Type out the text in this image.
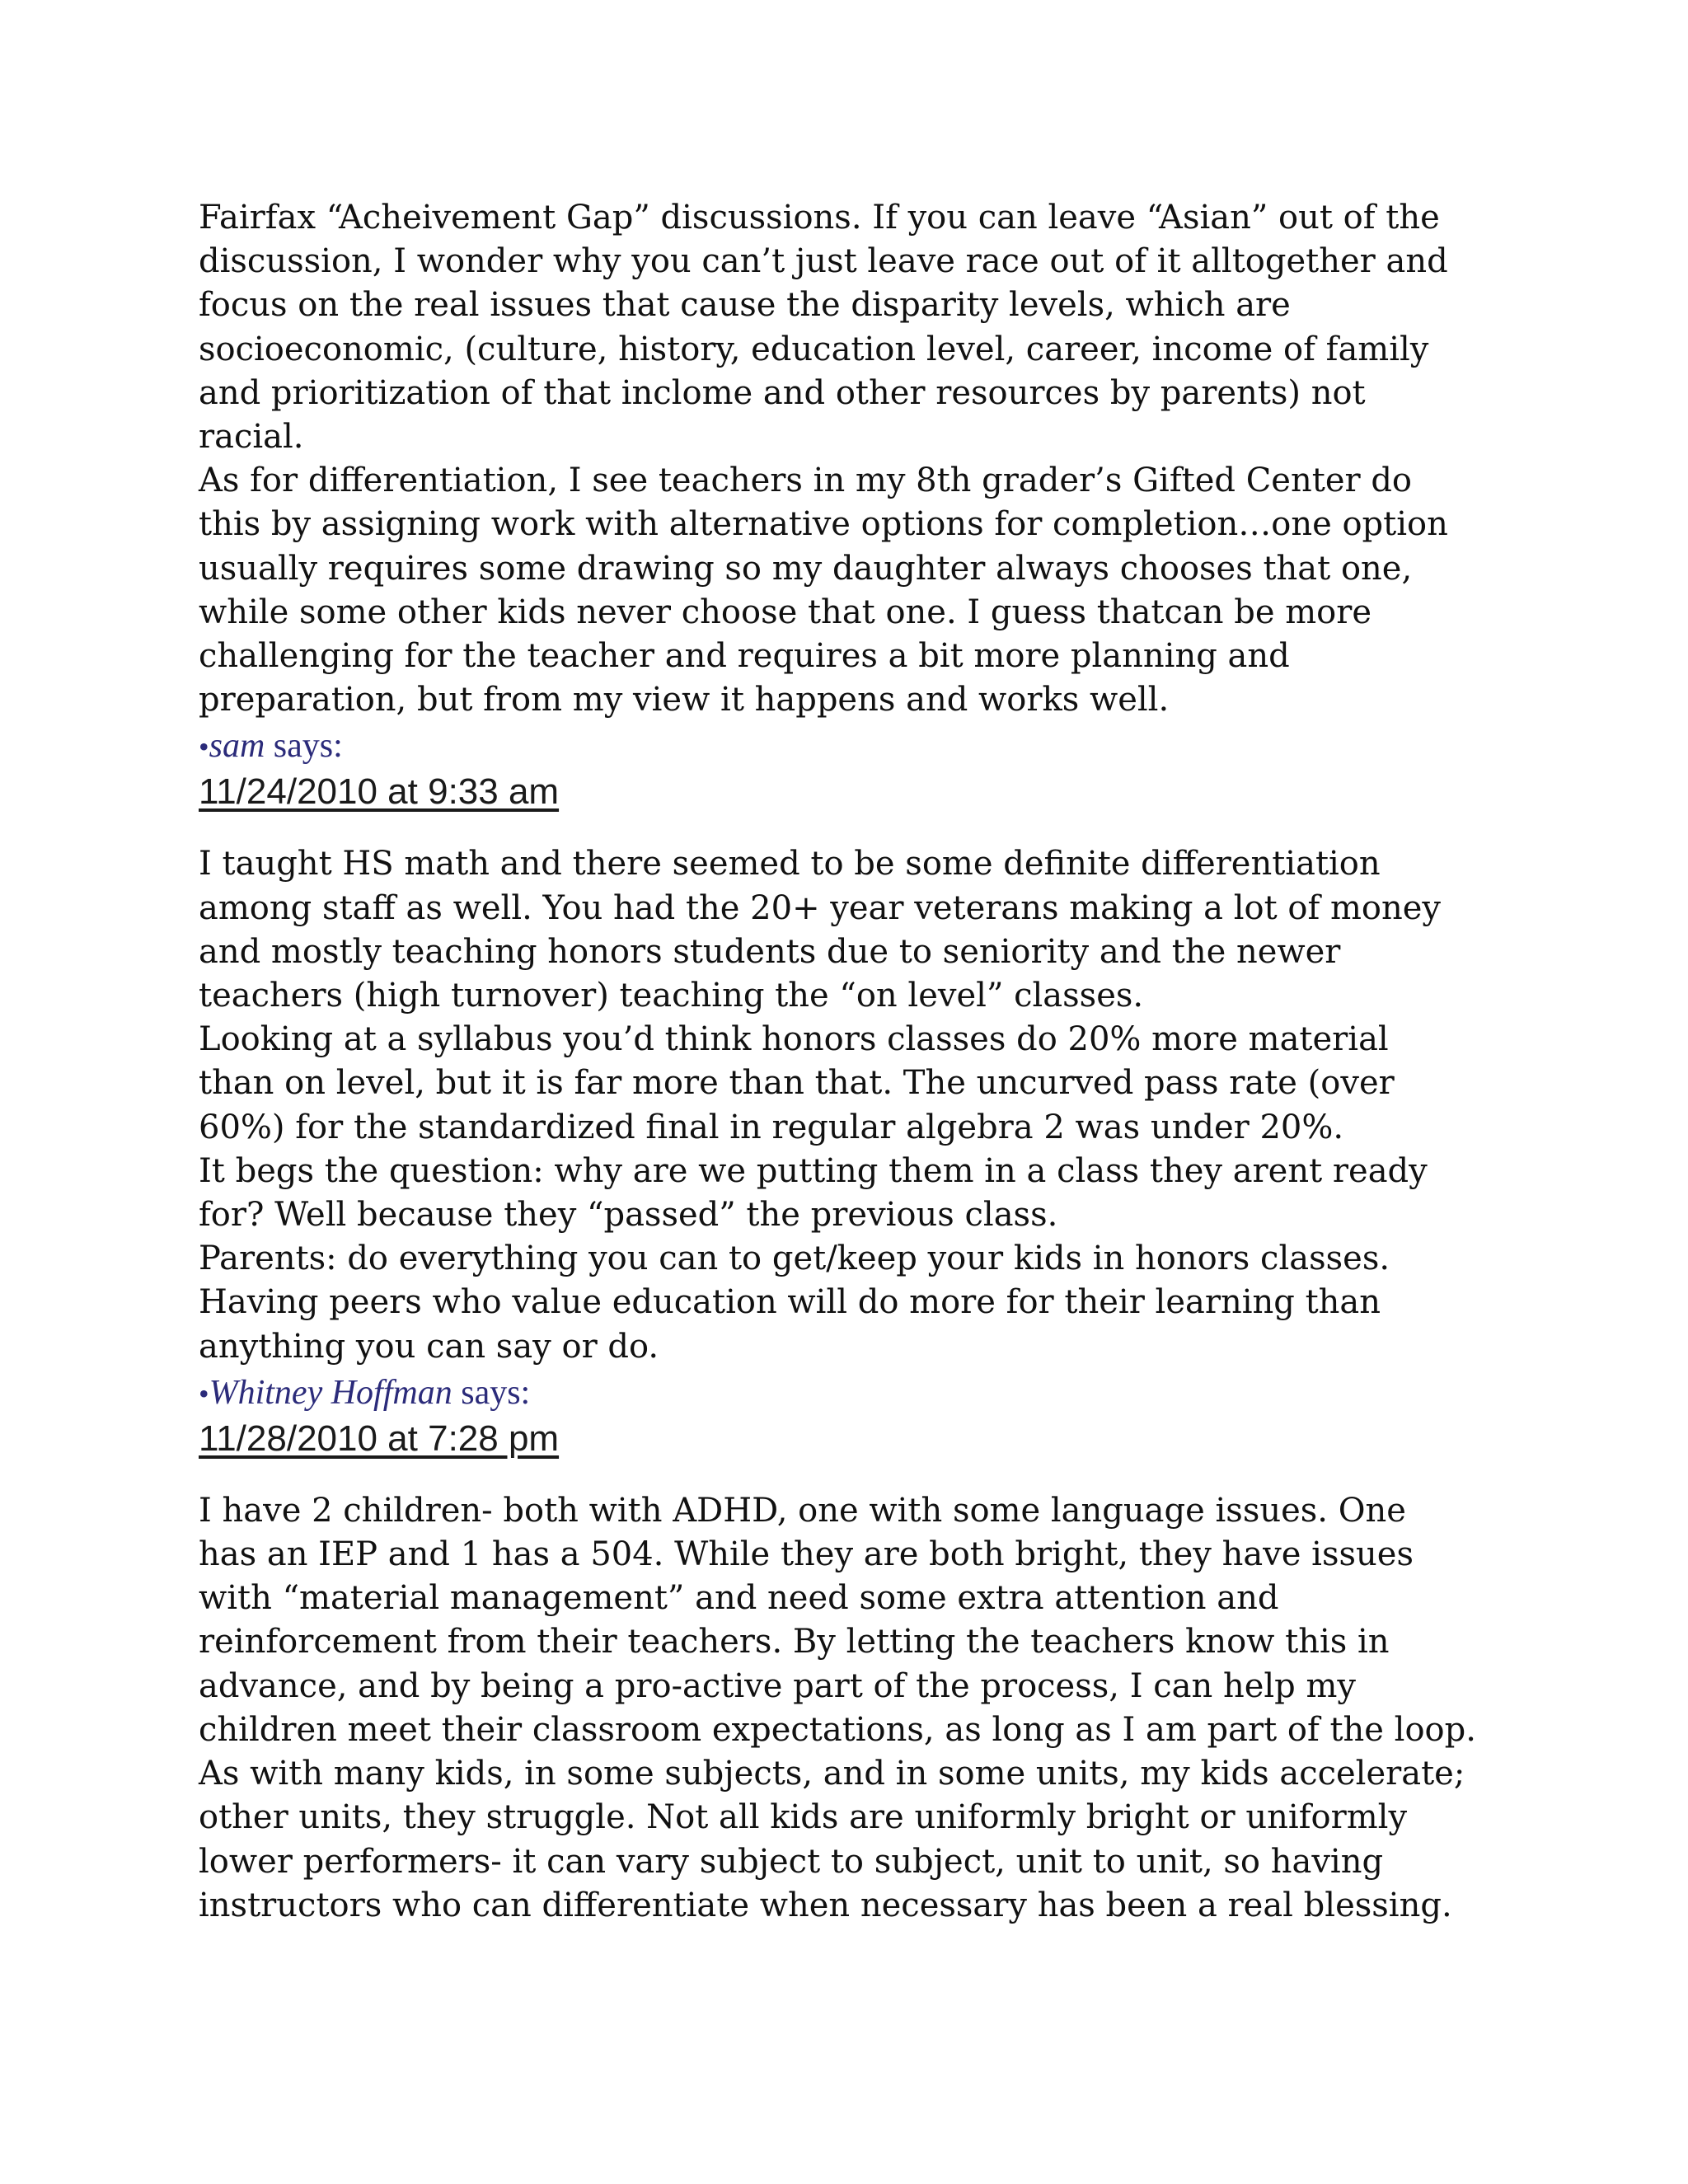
Fairfax “Acheivement Gap” discussions. If you can leave “Asian” out of the
discussion, I wonder why you can’t just leave race out of it alltogether and
focus on the real issues that cause the disparity levels, which are
socioeconomic, (culture, history, education level, career, income of family
and prioritization of that inclome and other resources by parents) not
racial.
As for differentiation, I see teachers in my 8th grader’s Gifted Center do
this by assigning work with alternative options for completion…one option
usually requires some drawing so my daughter always chooses that one,
while some other kids never choose that one. I guess thatcan be more
challenging for the teacher and requires a bit more planning and
preparation, but from my view it happens and works well.
•sam says:
11/24/2010 at 9:33 am
I taught HS math and there seemed to be some definite differentiation
among staff as well. You had the 20+ year veterans making a lot of money
and mostly teaching honors students due to seniority and the newer
teachers (high turnover) teaching the “on level” classes.
Looking at a syllabus you’d think honors classes do 20% more material
than on level, but it is far more than that. The uncurved pass rate (over
60%) for the standardized final in regular algebra 2 was under 20%.
It begs the question: why are we putting them in a class they arent ready
for? Well because they “passed” the previous class.
Parents: do everything you can to get/keep your kids in honors classes.
Having peers who value education will do more for their learning than
anything you can say or do.
•Whitney Hoffman says:
11/28/2010 at 7:28 pm
I have 2 children- both with ADHD, one with some language issues. One
has an IEP and 1 has a 504. While they are both bright, they have issues
with “material management” and need some extra attention and
reinforcement from their teachers. By letting the teachers know this in
advance, and by being a pro-active part of the process, I can help my
children meet their classroom expectations, as long as I am part of the loop.
As with many kids, in some subjects, and in some units, my kids accelerate;
other units, they struggle. Not all kids are uniformly bright or uniformly
lower performers- it can vary subject to subject, unit to unit, so having
instructors who can differentiate when necessary has been a real blessing.
